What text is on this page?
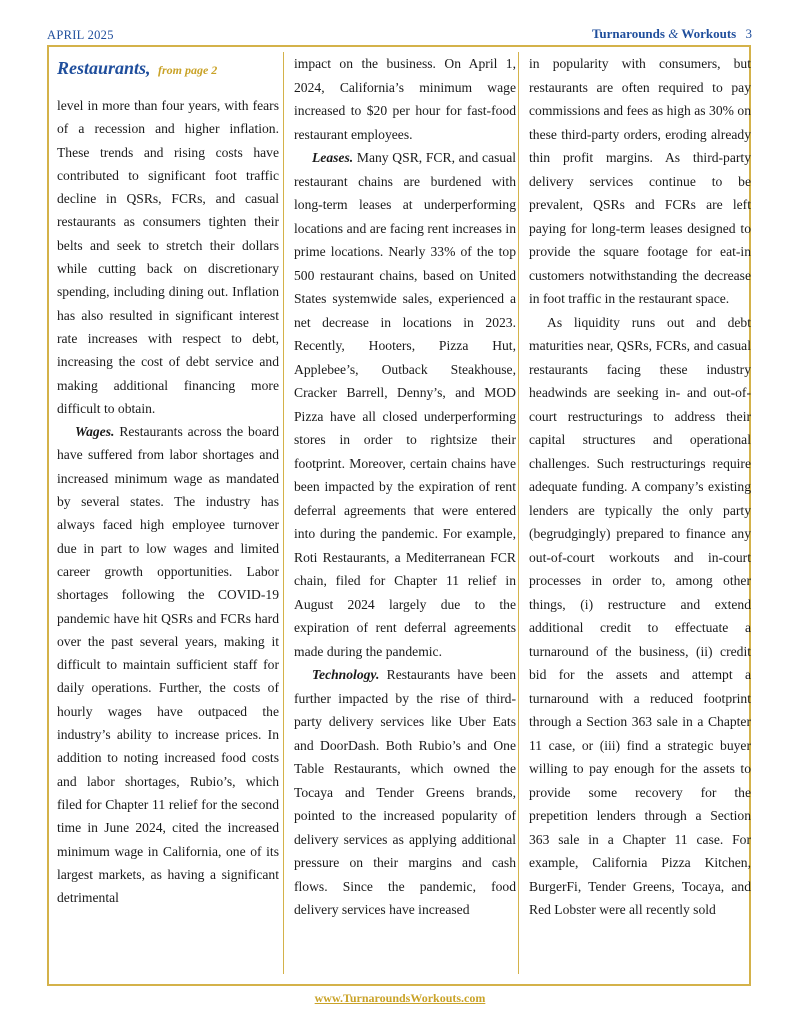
APRIL 2025	Turnarounds & Workouts 3
Restaurants, from page 2

level in more than four years, with fears of a recession and higher inflation. These trends and rising costs have contributed to significant foot traffic decline in QSRs, FCRs, and casual restaurants as consumers tighten their belts and seek to stretch their dollars while cutting back on discretionary spending, including dining out. Inflation has also resulted in significant interest rate increases with respect to debt, increasing the cost of debt service and making additional financing more difficult to obtain.

Wages. Restaurants across the board have suffered from labor shortages and increased minimum wage as mandated by several states. The industry has always faced high employee turnover due in part to low wages and limited career growth opportunities. Labor shortages following the COVID-19 pandemic have hit QSRs and FCRs hard over the past several years, making it difficult to maintain sufficient staff for daily operations. Further, the costs of hourly wages have outpaced the industry’s ability to increase prices. In addition to noting increased food costs and labor shortages, Rubio’s, which filed for Chapter 11 relief for the second time in June 2024, cited the increased minimum wage in California, one of its largest markets, as having a significant detrimental

impact on the business. On April 1, 2024, California’s minimum wage increased to $20 per hour for fast-food restaurant employees.

Leases. Many QSR, FCR, and casual restaurant chains are burdened with long-term leases at underperforming locations and are facing rent increases in prime locations. Nearly 33% of the top 500 restaurant chains, based on United States systemwide sales, experienced a net decrease in locations in 2023. Recently, Hooters, Pizza Hut, Applebee’s, Outback Steakhouse, Cracker Barrell, Denny’s, and MOD Pizza have all closed underperforming stores in order to rightsize their footprint. Moreover, certain chains have been impacted by the expiration of rent deferral agreements that were entered into during the pandemic. For example, Roti Restaurants, a Mediterranean FCR chain, filed for Chapter 11 relief in August 2024 largely due to the expiration of rent deferral agreements made during the pandemic.

Technology. Restaurants have been further impacted by the rise of third-party delivery services like Uber Eats and DoorDash. Both Rubio’s and One Table Restaurants, which owned the Tocaya and Tender Greens brands, pointed to the increased popularity of delivery services as applying additional pressure on their margins and cash flows. Since the pandemic, food delivery services have increased

in popularity with consumers, but restaurants are often required to pay commissions and fees as high as 30% on these third-party orders, eroding already thin profit margins. As third-party delivery services continue to be prevalent, QSRs and FCRs are left paying for long-term leases designed to provide the square footage for eat-in customers notwithstanding the decrease in foot traffic in the restaurant space.

As liquidity runs out and debt maturities near, QSRs, FCRs, and casual restaurants facing these industry headwinds are seeking in- and out-of-court restructurings to address their capital structures and operational challenges. Such restructurings require adequate funding. A company’s existing lenders are typically the only party (begrudgingly) prepared to finance any out-of-court workouts and in-court processes in order to, among other things, (i) restructure and extend additional credit to effectuate a turnaround of the business, (ii) credit bid for the assets and attempt a turnaround with a reduced footprint through a Section 363 sale in a Chapter 11 case, or (iii) find a strategic buyer willing to pay enough for the assets to provide some recovery for the prepetition lenders through a Section 363 sale in a Chapter 11 case. For example, California Pizza Kitchen, BurgerFi, Tender Greens, Tocaya, and Red Lobster were all recently sold

www.TurnaroundsWorkouts.com
